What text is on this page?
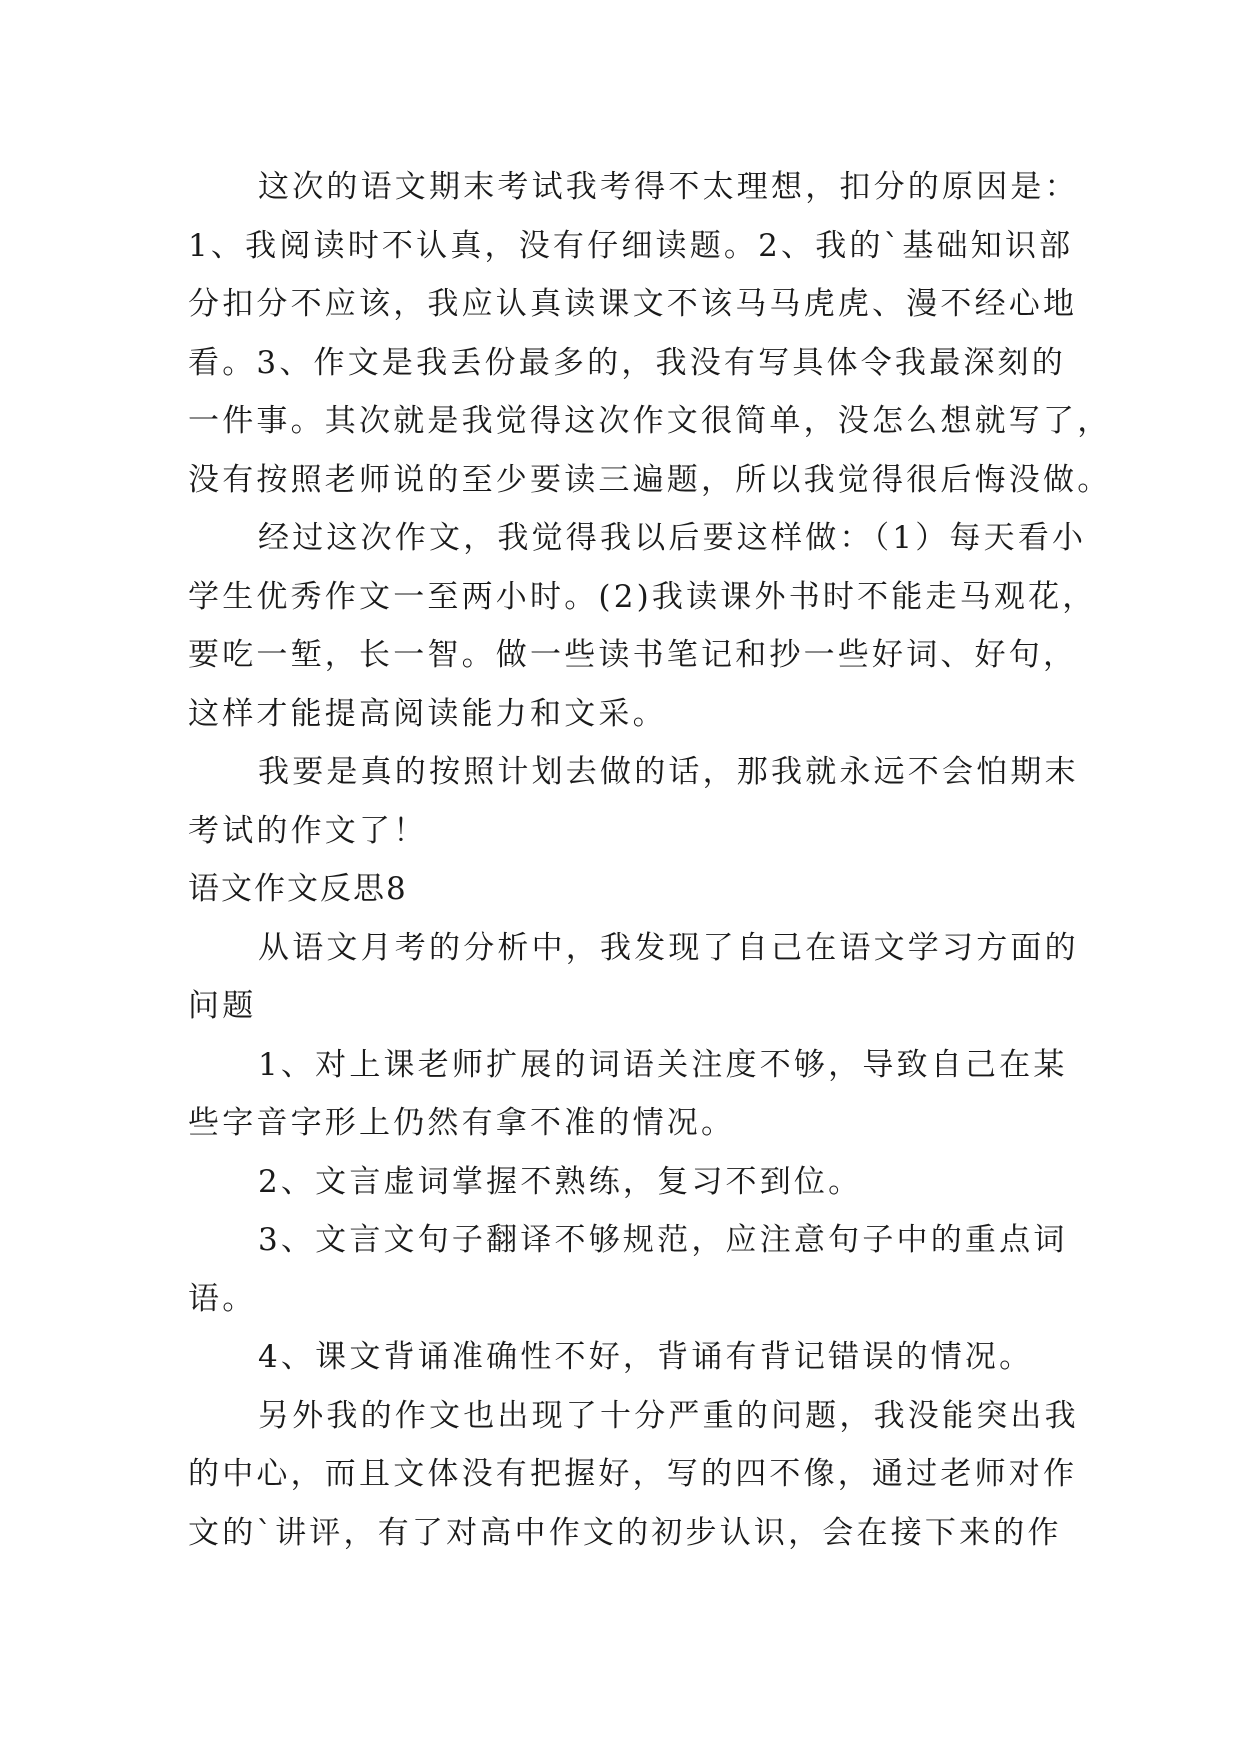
这次的语文期末考试我考得不太理想，扣分的原因是：

1、我阅读时不认真，没有仔细读题。2、我的`基础知识部

分扣分不应该，我应认真读课文不该马马虎虎、漫不经心地

看。3、作文是我丢份最多的，我没有写具体令我最深刻的

一件事。其次就是我觉得这次作文很简单，没怎么想就写了，

没有按照老师说的至少要读三遍题，所以我觉得很后悔没做。

经过这次作文，我觉得我以后要这样做：（1）每天看小

学生优秀作文一至两小时。(2)我读课外书时不能走马观花，

要吃一堑，长一智。做一些读书笔记和抄一些好词、好句，

这样才能提高阅读能力和文采。

我要是真的按照计划去做的话，那我就永远不会怕期末

考试的作文了！

语文作文反思8

从语文月考的分析中，我发现了自己在语文学习方面的

问题

1、对上课老师扩展的词语关注度不够，导致自己在某

些字音字形上仍然有拿不准的情况。

2、文言虚词掌握不熟练，复习不到位。

3、文言文句子翻译不够规范，应注意句子中的重点词

语。

4、课文背诵准确性不好，背诵有背记错误的情况。

另外我的作文也出现了十分严重的问题，我没能突出我

的中心，而且文体没有把握好，写的四不像，通过老师对作

文的`讲评，有了对高中作文的初步认识，会在接下来的作
